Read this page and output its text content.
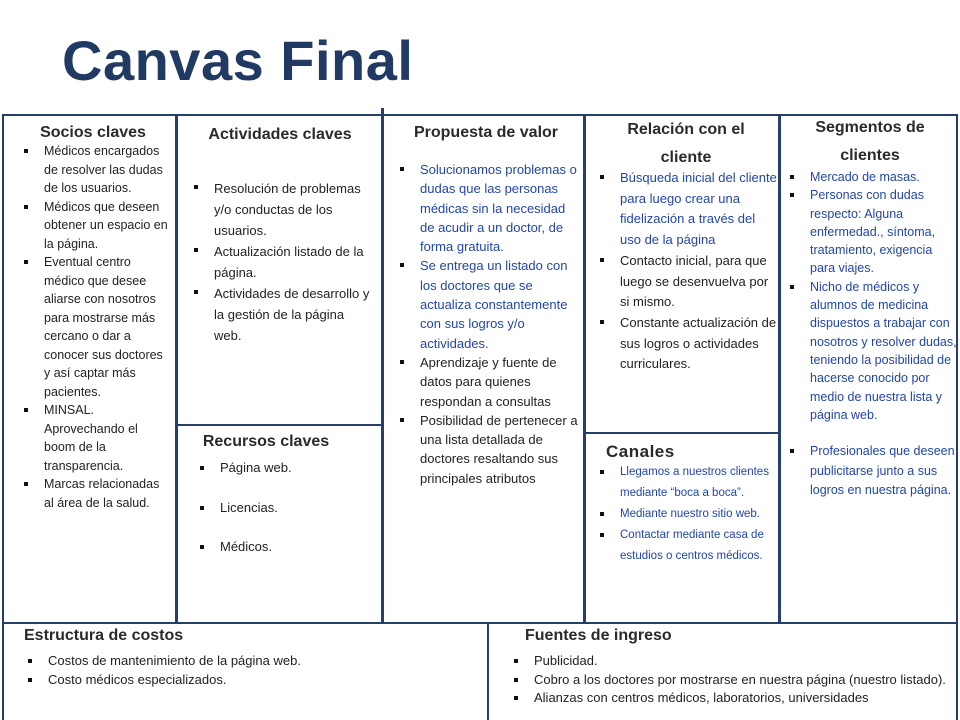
Canvas Final
Socios claves
Médicos encargados de resolver las dudas de los usuarios.
Médicos que deseen obtener un espacio en la página.
Eventual centro médico que desee aliarse con nosotros para mostrarse más cercano o dar a conocer sus doctores y así captar más pacientes.
MINSAL. Aprovechando el boom de la transparencia.
Marcas relacionadas al área de la salud.
Actividades claves
Resolución de problemas y/o conductas de los usuarios.
Actualización listado de la página.
Actividades de desarrollo y la gestión de la página web.
Recursos claves
Página web.
Licencias.
Médicos.
Propuesta de valor
Solucionamos problemas o dudas que las personas médicas sin la necesidad de acudir a un doctor, de forma gratuita.
Se entrega un listado con los doctores que se actualiza constantemente con sus logros y/o actividades.
Aprendizaje y fuente de datos para quienes respondan a consultas
Posibilidad de pertenecer a una lista detallada de doctores resaltando sus principales atributos
Relación con el cliente
Búsqueda inicial del cliente para luego crear una fidelización a través del uso de la página
Contacto inicial, para que luego se desenvuelva por si mismo.
Constante actualización de sus logros o actividades curriculares.
Canales
Llegamos a nuestros clientes mediante “boca a boca”.
Mediante nuestro sitio web.
Contactar mediante casa de estudios o centros médicos.
Segmentos de clientes
Mercado de masas.
Personas con dudas respecto: Alguna enfermedad., síntoma, tratamiento, exigencia para viajes.
Nicho de médicos y alumnos de medicina dispuestos a trabajar con nosotros y resolver dudas, teniendo la posibilidad de hacerse conocido por medio de nuestra lista y página web.
Profesionales que deseen publicitarse junto a sus logros en nuestra página.
Estructura de costos
Costos de mantenimiento de la página web.
Costo médicos especializados.
Fuentes de ingreso
Publicidad.
Cobro a los doctores por mostrarse en nuestra página (nuestro listado).
Alianzas con centros médicos, laboratorios, universidades
